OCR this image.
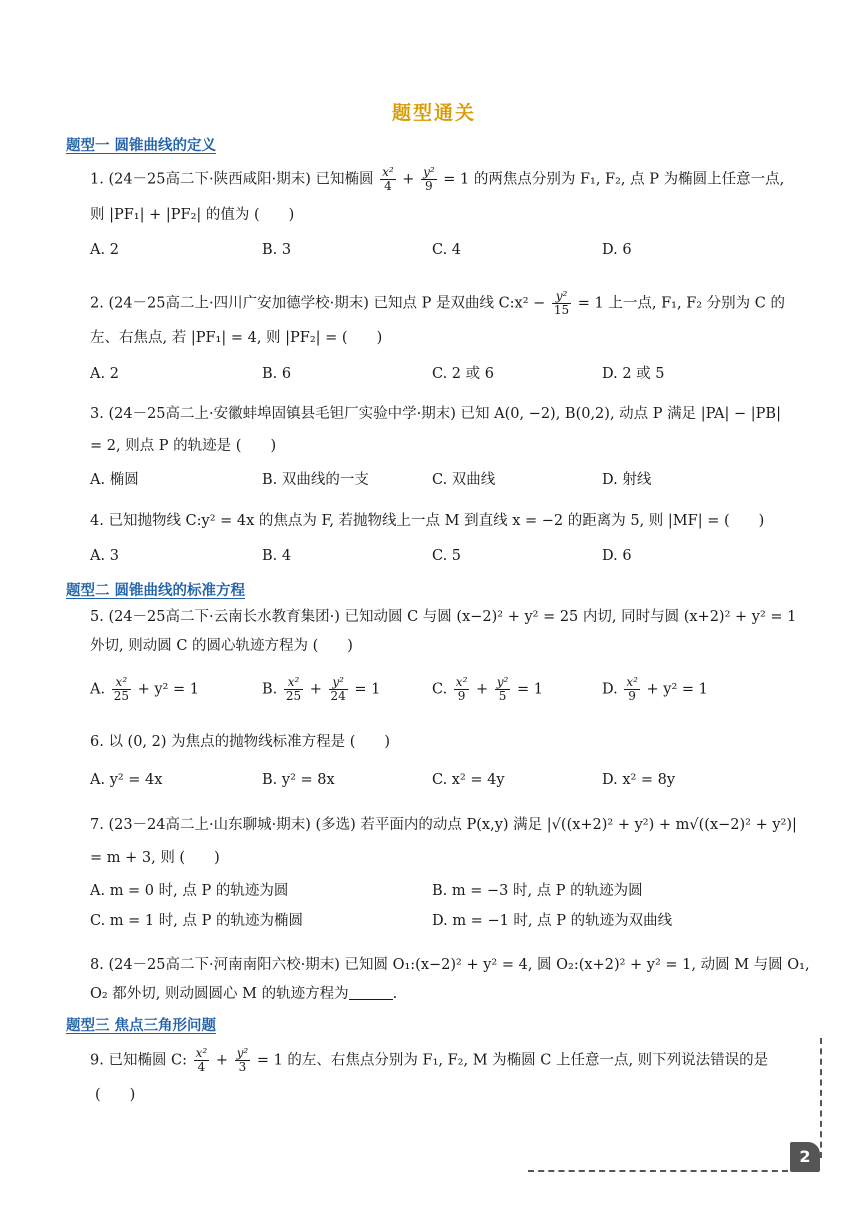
题型通关
题型一 圆锥曲线的定义
1. (24－25高二下·陕西咸阳·期末) 已知椭圆 $\frac{\text{x²}}{4} + \frac{\text{y²}}{9} = 1$ 的两焦点分别为 F₁, F₂, 点 P 为椭圆上任意一点,
则 |PF₁| + |PF₂| 的值为 (　　)
A. 2	B. 3	C. 4	D. 6
2. (24－25高二上·四川广安加德学校·期末) 已知点 P 是双曲线 C:x² − $\frac{\text{y²}}{15} = 1$ 上一点, F₁, F₂ 分别为 C 的
左、右焦点, 若 |PF₁| = 4, 则 |PF₂| = (　　)
A. 2	B. 6	C. 2 或 6	D. 2 或 5
3. (24－25高二上·安徽蚌埠固镇县毛钽厂实验中学·期末) 已知 A(0, −2), B(0,2), 动点 P 满足 |PA| − |PB|
= 2, 则点 P 的轨迹是 (　　)
A. 椭圆	B. 双曲线的一支	C. 双曲线	D. 射线
4. 已知抛物线 C:y² = 4x 的焦点为 F, 若抛物线上一点 M 到直线 x = −2 的距离为 5, 则 |MF| = (　　)
A. 3	B. 4	C. 5	D. 6
题型二 圆锥曲线的标准方程
5. (24－25高二下·云南长水教育集团·) 已知动圆 C 与圆 (x−2)² + y² = 25 内切, 同时与圆 (x+2)² + y² = 1
外切, 则动圆 C 的圆心轨迹方程为 (　　)
A. $\frac{\text{x²}}{25} + y^2 = 1$	B. $\frac{\text{x²}}{25} + \frac{\text{y²}}{24} = 1$	C. $\frac{\text{x²}}{9} + \frac{\text{y²}}{5} = 1$	D. $\frac{\text{x²}}{9} + y^2 = 1$
6. 以 (0, 2) 为焦点的抛物线标准方程是 (　　)
A. y² = 4x	B. y² = 8x	C. x² = 4y	D. x² = 8y
7. (23－24高二上·山东聊城·期末) (多选) 若平面内的动点 P(x,y) 满足 |√((x+2)² + y²) + m√((x−2)² + y²)|
= m + 3, 则 (　　)
A. m = 0 时, 点 P 的轨迹为圆	B. m = −3 时, 点 P 的轨迹为圆
C. m = 1 时, 点 P 的轨迹为椭圆	D. m = −1 时, 点 P 的轨迹为双曲线
8. (24－25高二下·河南南阳六校·期末) 已知圆 O₁:(x−2)² + y² = 4, 圆 O₂:(x+2)² + y² = 1, 动圆 M 与圆 O₁,
O₂ 都外切, 则动圆圆心 M 的轨迹方程为	.
题型三 焦点三角形问题
9. 已知椭圆 C: $\frac{\text{x²}}{4} + \frac{\text{y²}}{3} = 1$ 的左、右焦点分别为 F₁, F₂, M 为椭圆 C 上任意一点, 则下列说法错误的是
(　　)
2
